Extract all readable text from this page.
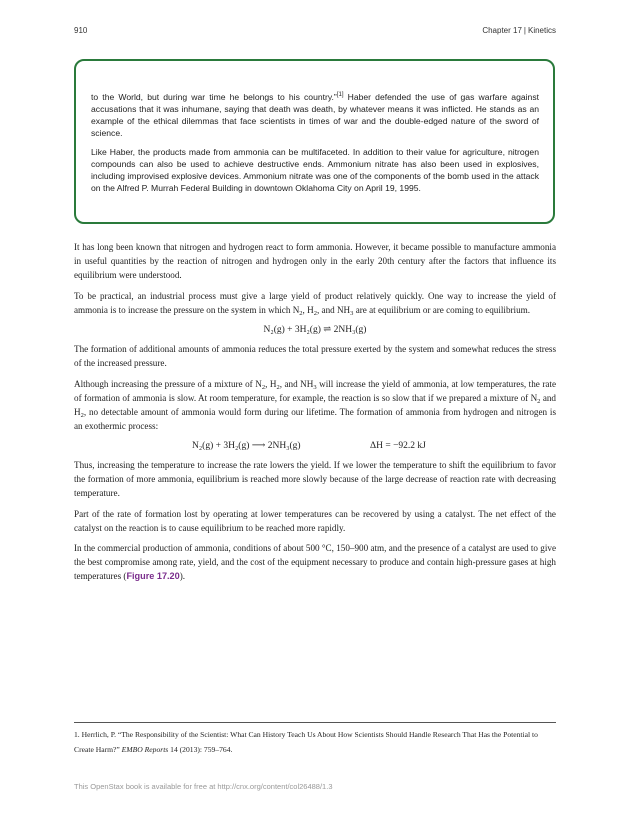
910	Chapter 17 | Kinetics

to the World, but during war time he belongs to his country.”[1] Haber defended the use of gas warfare against accusations that it was inhumane, saying that death was death, by whatever means it was inflicted. He stands as an example of the ethical dilemmas that face scientists in times of war and the double-edged nature of the sword of science.

Like Haber, the products made from ammonia can be multifaceted. In addition to their value for agriculture, nitrogen compounds can also be used to achieve destructive ends. Ammonium nitrate has also been used in explosives, including improvised explosive devices. Ammonium nitrate was one of the components of the bomb used in the attack on the Alfred P. Murrah Federal Building in downtown Oklahoma City on April 19, 1995.

It has long been known that nitrogen and hydrogen react to form ammonia. However, it became possible to manufacture ammonia in useful quantities by the reaction of nitrogen and hydrogen only in the early 20th century after the factors that influence its equilibrium were understood.

To be practical, an industrial process must give a large yield of product relatively quickly. One way to increase the yield of ammonia is to increase the pressure on the system in which $N_2$, $H_2$, and $NH_3$ are at equilibrium or are coming to equilibrium.

N₂(g) + 3H₂(g) ⇌ 2NH₃(g)

The formation of additional amounts of ammonia reduces the total pressure exerted by the system and somewhat reduces the stress of the increased pressure.

Although increasing the pressure of a mixture of $N_2$, $H_2$, and $NH_3$ will increase the yield of ammonia, at low temperatures, the rate of formation of ammonia is slow. At room temperature, for example, the reaction is so slow that if we prepared a mixture of $N_2$ and $H_2$, no detectable amount of ammonia would form during our lifetime. The formation of ammonia from hydrogen and nitrogen is an exothermic process:

N₂(g) + 3H₂(g) ⟶ 2NH₃(g)	ΔH = −92.2 kJ

Thus, increasing the temperature to increase the rate lowers the yield. If we lower the temperature to shift the equilibrium to favor the formation of more ammonia, equilibrium is reached more slowly because of the large decrease of reaction rate with decreasing temperature.

Part of the rate of formation lost by operating at lower temperatures can be recovered by using a catalyst. The net effect of the catalyst on the reaction is to cause equilibrium to be reached more rapidly.

In the commercial production of ammonia, conditions of about 500 °C, 150–900 atm, and the presence of a catalyst are used to give the best compromise among rate, yield, and the cost of the equipment necessary to produce and contain high-pressure gases at high temperatures (Figure 17.20).

1. Herrlich, P. “The Responsibility of the Scientist: What Can History Teach Us About How Scientists Should Handle Research That Has the Potential to Create Harm?” EMBO Reports 14 (2013): 759–764.
This OpenStax book is available for free at http://cnx.org/content/col26488/1.3
